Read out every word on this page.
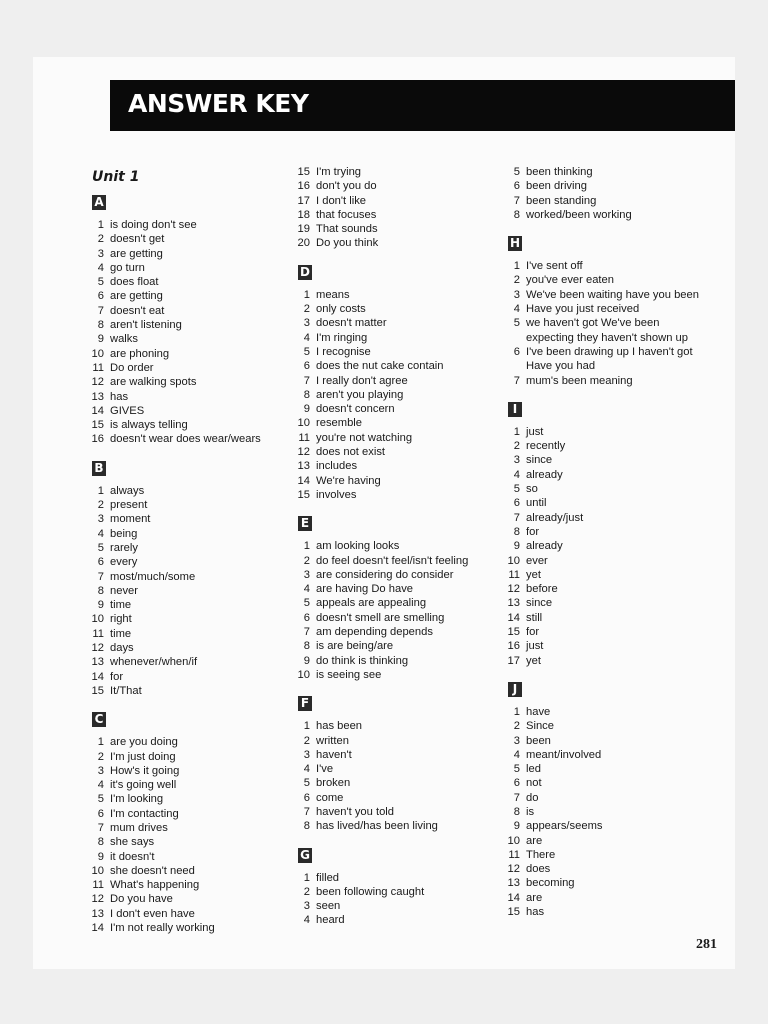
ANSWER KEY
Unit 1
A
1 is doing don't see
2 doesn't get
3 are getting
4 go turn
5 does float
6 are getting
7 doesn't eat
8 aren't listening
9 walks
10 are phoning
11 Do order
12 are walking spots
13 has
14 GIVES
15 is always telling
16 doesn't wear does wear/wears
B
1 always
2 present
3 moment
4 being
5 rarely
6 every
7 most/much/some
8 never
9 time
10 right
11 time
12 days
13 whenever/when/if
14 for
15 It/That
C
1 are you doing
2 I'm just doing
3 How's it going
4 it's going well
5 I'm looking
6 I'm contacting
7 mum drives
8 she says
9 it doesn't
10 she doesn't need
11 What's happening
12 Do you have
13 I don't even have
14 I'm not really working
15 I'm trying
16 don't you do
17 I don't like
18 that focuses
19 That sounds
20 Do you think
D
1 means
2 only costs
3 doesn't matter
4 I'm ringing
5 I recognise
6 does the nut cake contain
7 I really don't agree
8 aren't you playing
9 doesn't concern
10 resemble
11 you're not watching
12 does not exist
13 includes
14 We're having
15 involves
E
1 am looking looks
2 do feel doesn't feel/isn't feeling
3 are considering do consider
4 are having Do have
5 appeals are appealing
6 doesn't smell are smelling
7 am depending depends
8 is are being/are
9 do think is thinking
10 is seeing see
F
1 has been
2 written
3 haven't
4 I've
5 broken
6 come
7 haven't you told
8 has lived/has been living
G
1 filled
2 been following caught
3 seen
4 heard
5 been thinking
6 been driving
7 been standing
8 worked/been working
H
1 I've sent off
2 you've ever eaten
3 We've been waiting have you been
4 Have you just received
5 we haven't got We've been expecting they haven't shown up
6 I've been drawing up I haven't got Have you had
7 mum's been meaning
I
1 just
2 recently
3 since
4 already
5 so
6 until
7 already/just
8 for
9 already
10 ever
11 yet
12 before
13 since
14 still
15 for
16 just
17 yet
J
1 have
2 Since
3 been
4 meant/involved
5 led
6 not
7 do
8 is
9 appears/seems
10 are
11 There
12 does
13 becoming
14 are
15 has
281
